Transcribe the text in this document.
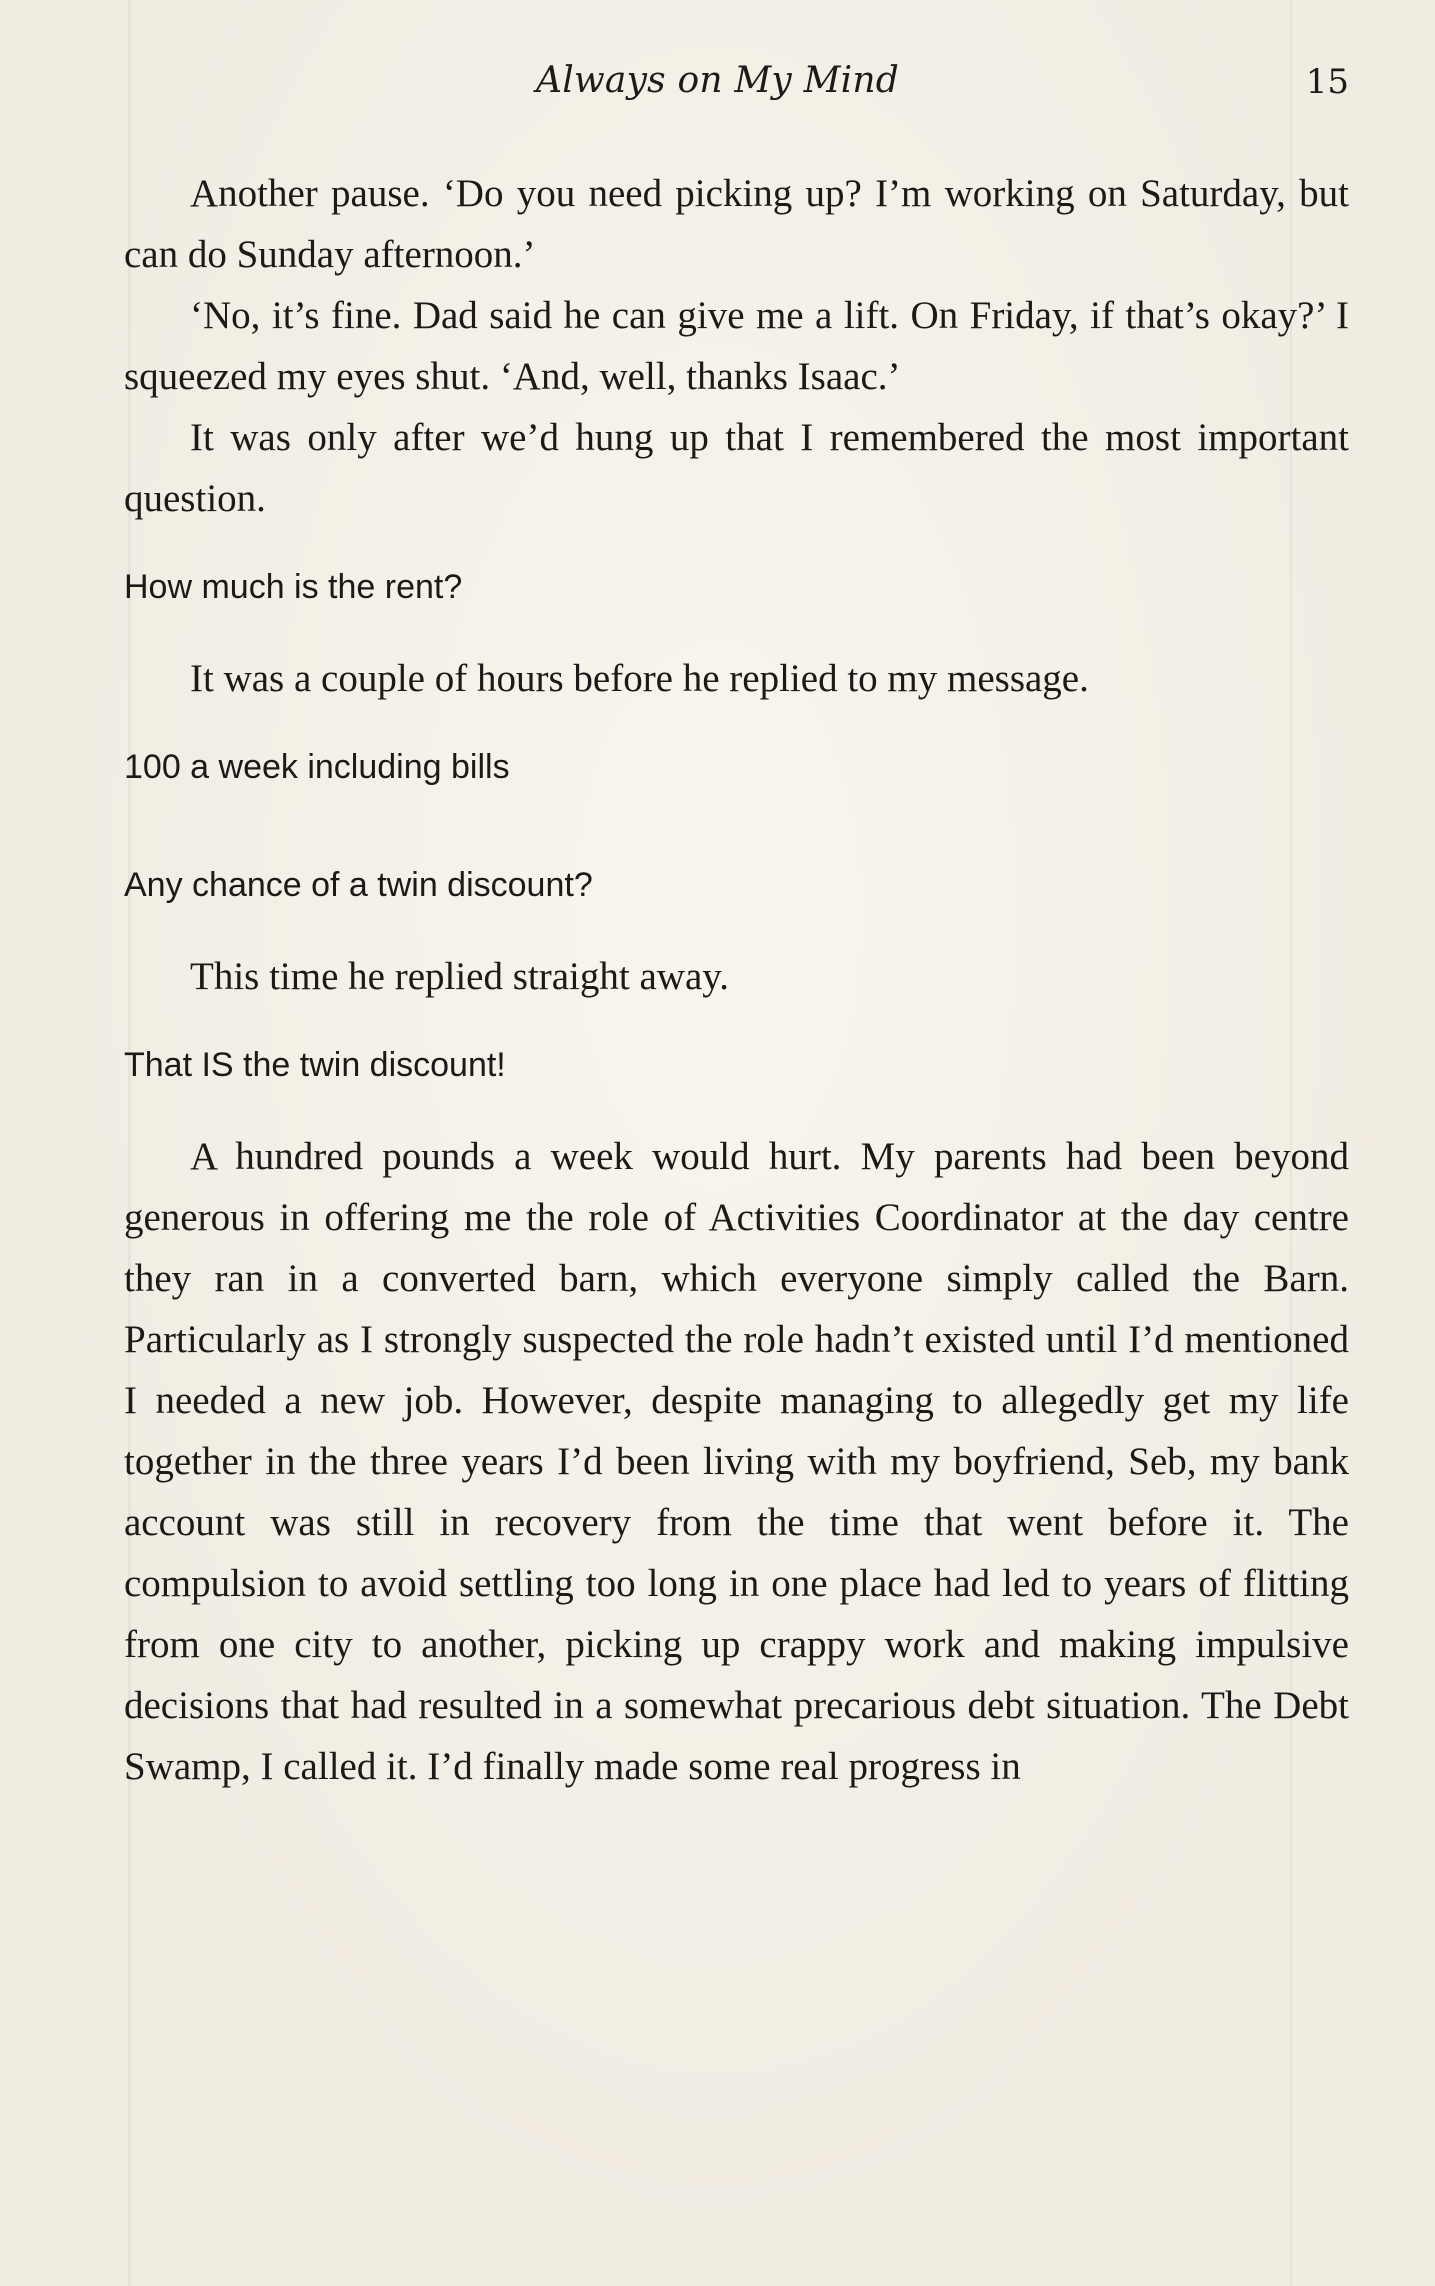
Always on My Mind	15

Another pause. ‘Do you need picking up? I’m working on Saturday, but can do Sunday afternoon.’

‘No, it’s fine. Dad said he can give me a lift. On Friday, if that’s okay?’ I squeezed my eyes shut. ‘And, well, thanks Isaac.’

It was only after we’d hung up that I remembered the most important question.

How much is the rent?

It was a couple of hours before he replied to my message.

100 a week including bills

Any chance of a twin discount?

This time he replied straight away.

That IS the twin discount!

A hundred pounds a week would hurt. My parents had been beyond generous in offering me the role of Activities Coordinator at the day centre they ran in a converted barn, which everyone simply called the Barn. Particularly as I strongly suspected the role hadn’t existed until I’d mentioned I needed a new job. However, despite managing to allegedly get my life together in the three years I’d been living with my boyfriend, Seb, my bank account was still in recovery from the time that went before it. The compulsion to avoid settling too long in one place had led to years of flitting from one city to another, picking up crappy work and making impulsive decisions that had resulted in a somewhat precarious debt situation. The Debt Swamp, I called it. I’d finally made some real progress in
